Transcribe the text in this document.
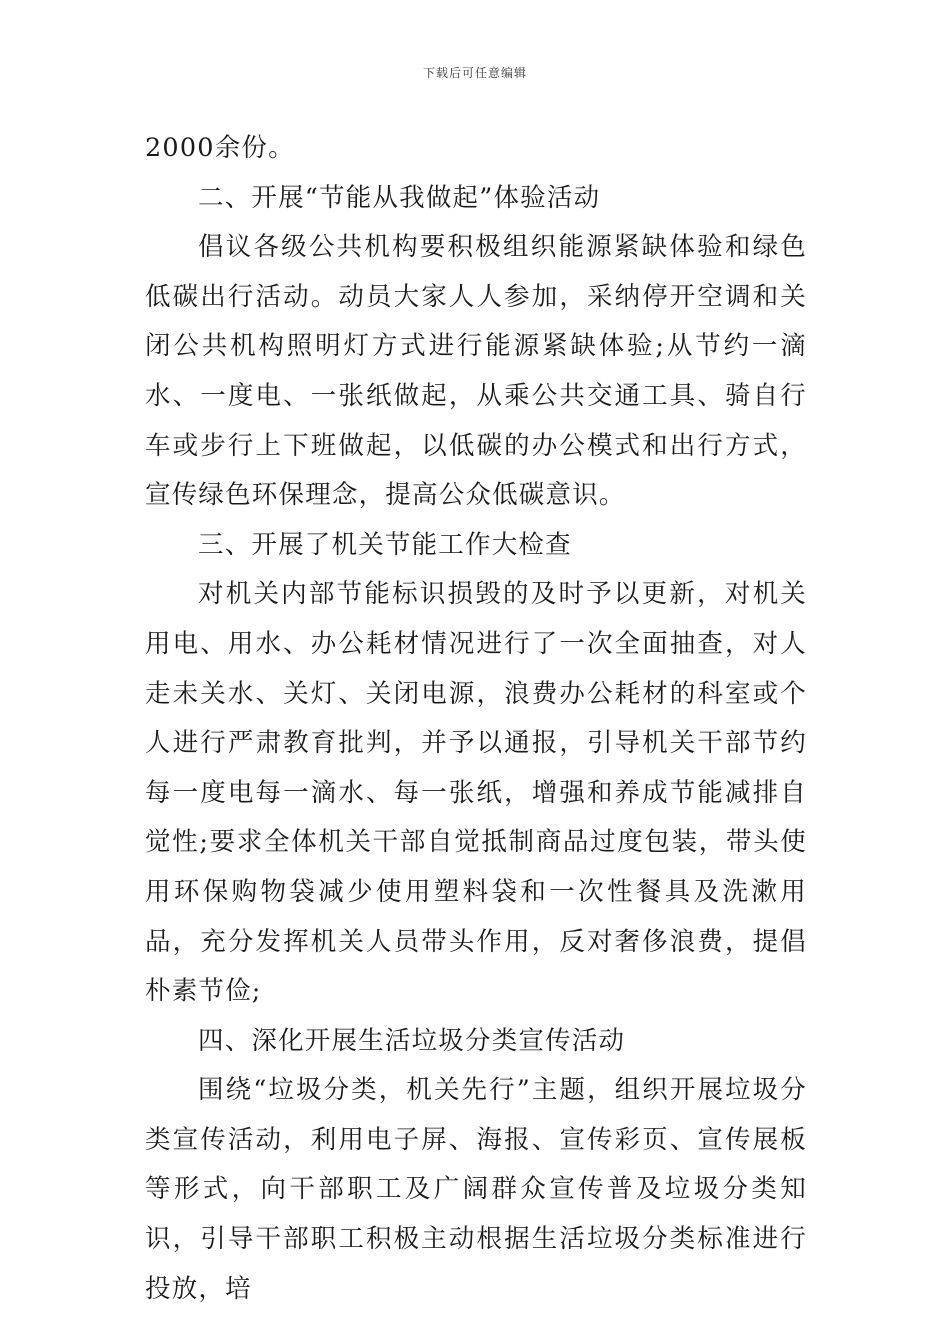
下载后可任意编辑

2000余份。

二、开展“节能从我做起”体验活动

倡议各级公共机构要积极组织能源紧缺体验和绿色低碳出行活动。动员大家人人参加，采纳停开空调和关闭公共机构照明灯方式进行能源紧缺体验;从节约一滴水、一度电、一张纸做起，从乘公共交通工具、骑自行车或步行上下班做起，以低碳的办公模式和出行方式，宣传绿色环保理念，提高公众低碳意识。

三、开展了机关节能工作大检查

对机关内部节能标识损毁的及时予以更新，对机关用电、用水、办公耗材情况进行了一次全面抽查，对人走未关水、关灯、关闭电源，浪费办公耗材的科室或个人进行严肃教育批判，并予以通报，引导机关干部节约每一度电每一滴水、每一张纸，增强和养成节能减排自觉性;要求全体机关干部自觉抵制商品过度包装，带头使用环保购物袋减少使用塑料袋和一次性餐具及洗漱用品，充分发挥机关人员带头作用，反对奢侈浪费，提倡朴素节俭;

四、深化开展生活垃圾分类宣传活动

围绕“垃圾分类，机关先行”主题，组织开展垃圾分类宣传活动，利用电子屏、海报、宣传彩页、宣传展板等形式，向干部职工及广阔群众宣传普及垃圾分类知识，引导干部职工积极主动根据生活垃圾分类标准进行投放，培
